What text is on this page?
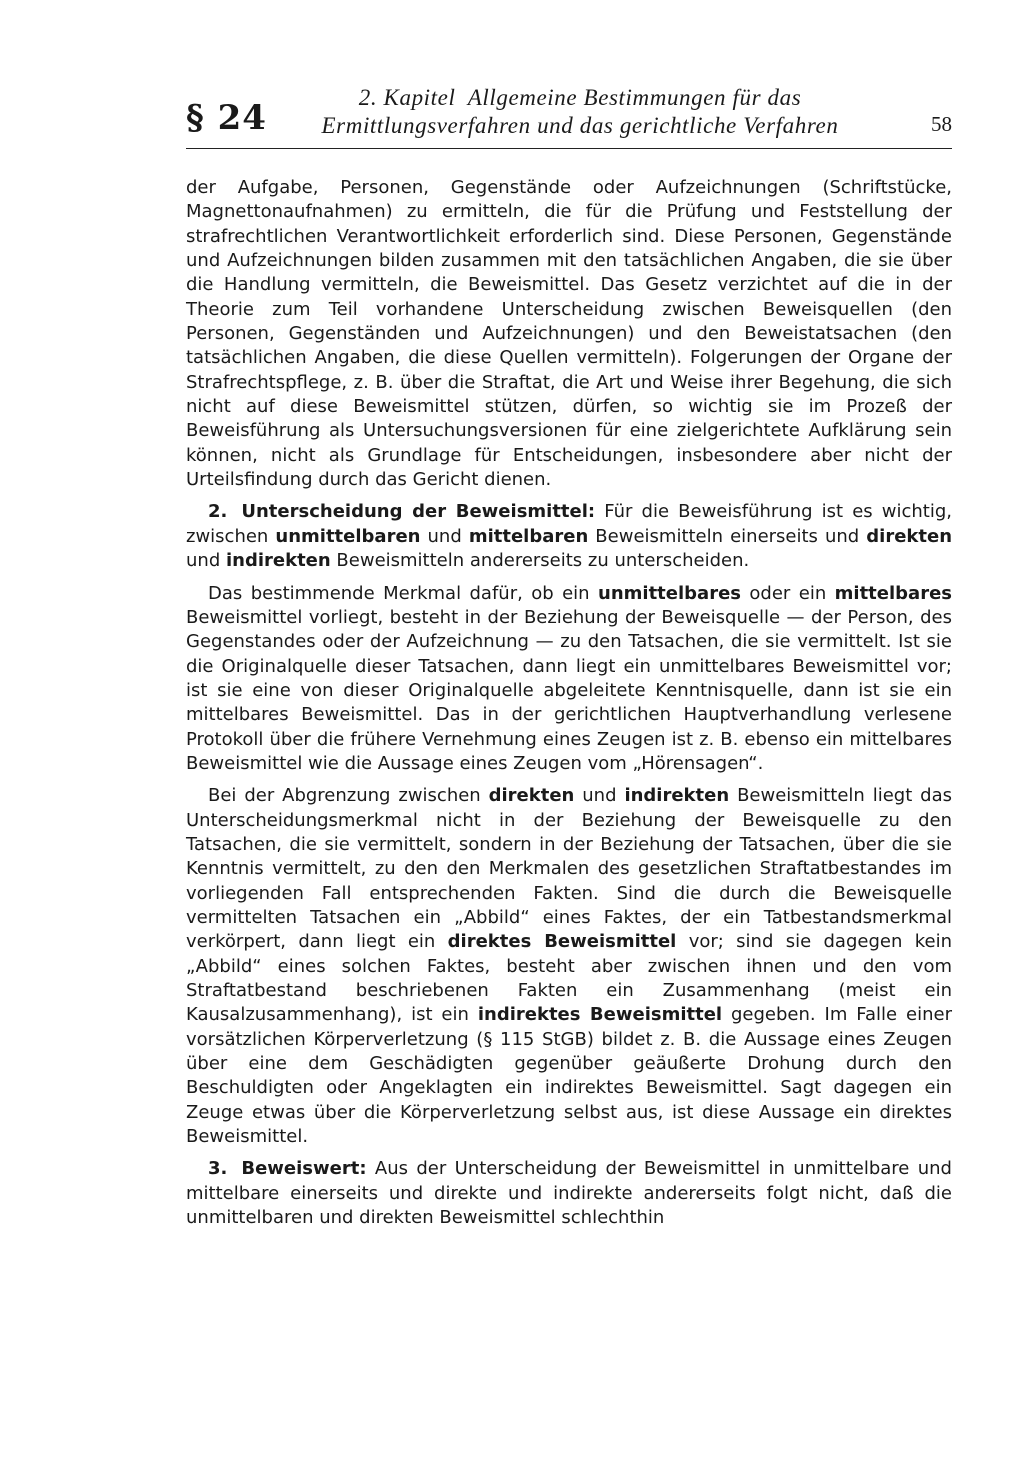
§ 24
2. Kapitel  Allgemeine Bestimmungen für das
Ermittlungsverfahren und das gerichtliche Verfahren	58

der Aufgabe, Personen, Gegenstände oder Aufzeichnungen (Schriftstücke, Magnettonaufnahmen) zu ermitteln, die für die Prüfung und Feststellung der strafrechtlichen Verantwortlichkeit erforderlich sind. Diese Personen, Gegenstände und Aufzeichnungen bilden zusammen mit den tatsächlichen Angaben, die sie über die Handlung vermitteln, die Beweismittel. Das Gesetz verzichtet auf die in der Theorie zum Teil vorhandene Unterscheidung zwischen Beweisquellen (den Personen, Gegenständen und Aufzeichnungen) und den Beweistatsachen (den tatsächlichen Angaben, die diese Quellen vermitteln). Folgerungen der Organe der Strafrechtspflege, z. B. über die Straftat, die Art und Weise ihrer Begehung, die sich nicht auf diese Beweismittel stützen, dürfen, so wichtig sie im Prozeß der Beweisführung als Untersuchungsversionen für eine zielgerichtete Aufklärung sein können, nicht als Grundlage für Entscheidungen, insbesondere aber nicht der Urteilsfindung durch das Gericht dienen.

2. Unterscheidung der Beweismittel: Für die Beweisführung ist es wichtig, zwischen unmittelbaren und mittelbaren Beweismitteln einerseits und direkten und indirekten Beweismitteln andererseits zu unterscheiden.

Das bestimmende Merkmal dafür, ob ein unmittelbares oder ein mittelbares Beweismittel vorliegt, besteht in der Beziehung der Beweisquelle — der Person, des Gegenstandes oder der Aufzeichnung — zu den Tatsachen, die sie vermittelt. Ist sie die Originalquelle dieser Tatsachen, dann liegt ein unmittelbares Beweismittel vor; ist sie eine von dieser Originalquelle abgeleitete Kenntnisquelle, dann ist sie ein mittelbares Beweismittel. Das in der gerichtlichen Hauptverhandlung verlesene Protokoll über die frühere Vernehmung eines Zeugen ist z. B. ebenso ein mittelbares Beweismittel wie die Aussage eines Zeugen vom „Hörensagen“.

Bei der Abgrenzung zwischen direkten und indirekten Beweismitteln liegt das Unterscheidungsmerkmal nicht in der Beziehung der Beweisquelle zu den Tatsachen, die sie vermittelt, sondern in der Beziehung der Tatsachen, über die sie Kenntnis vermittelt, zu den den Merkmalen des gesetzlichen Straftatbestandes im vorliegenden Fall entsprechenden Fakten. Sind die durch die Beweisquelle vermittelten Tatsachen ein „Abbild“ eines Faktes, der ein Tatbestandsmerkmal verkörpert, dann liegt ein direktes Beweismittel vor; sind sie dagegen kein „Abbild“ eines solchen Faktes, besteht aber zwischen ihnen und den vom Straftatbestand beschriebenen Fakten ein Zusammenhang (meist ein Kausalzusammenhang), ist ein indirektes Beweismittel gegeben. Im Falle einer vorsätzlichen Körperverletzung (§ 115 StGB) bildet z. B. die Aussage eines Zeugen über eine dem Geschädigten gegenüber geäußerte Drohung durch den Beschuldigten oder Angeklagten ein indirektes Beweismittel. Sagt dagegen ein Zeuge etwas über die Körperverletzung selbst aus, ist diese Aussage ein direktes Beweismittel.

3. Beweiswert: Aus der Unterscheidung der Beweismittel in unmittelbare und mittelbare einerseits und direkte und indirekte andererseits folgt nicht, daß die unmittelbaren und direkten Beweismittel schlechthin
